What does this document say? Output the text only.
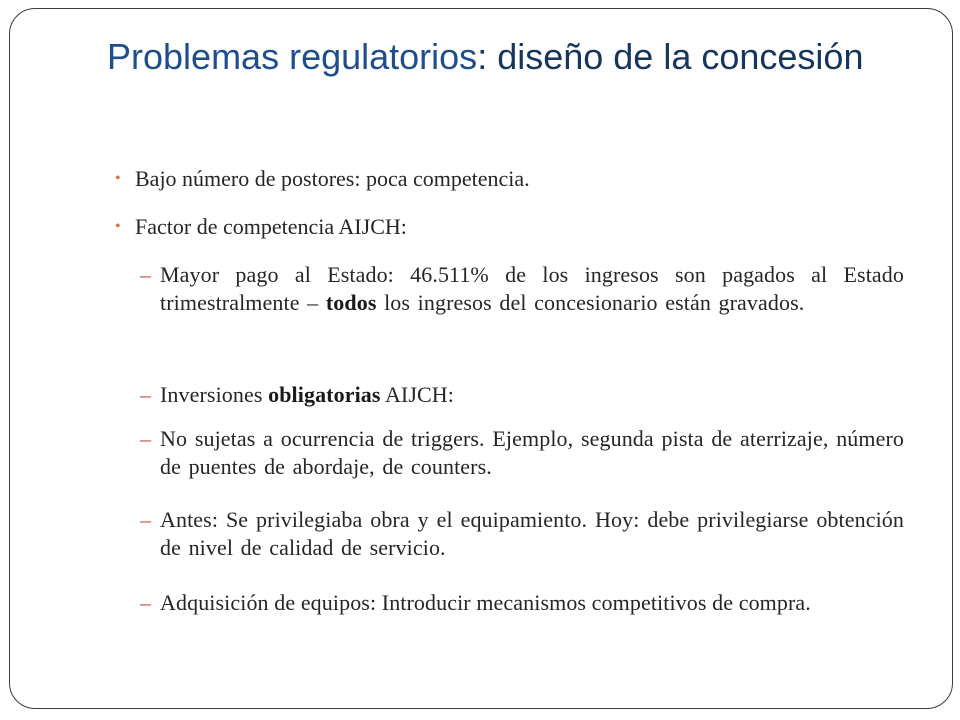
Problemas regulatorios: diseño de la concesión
• Bajo número de postores: poca competencia.
• Factor de competencia AIJCH:
– Mayor pago al Estado: 46.511% de los ingresos son pagados al Estado trimestralmente – todos los ingresos del concesionario están gravados.
– Inversiones obligatorias AIJCH:
– No sujetas a ocurrencia de triggers. Ejemplo, segunda pista de aterrizaje, número de puentes de abordaje, de counters.
– Antes: Se privilegiaba obra y el equipamiento. Hoy: debe privilegiarse obtención de nivel de calidad de servicio.
– Adquisición de equipos: Introducir mecanismos competitivos de compra.
